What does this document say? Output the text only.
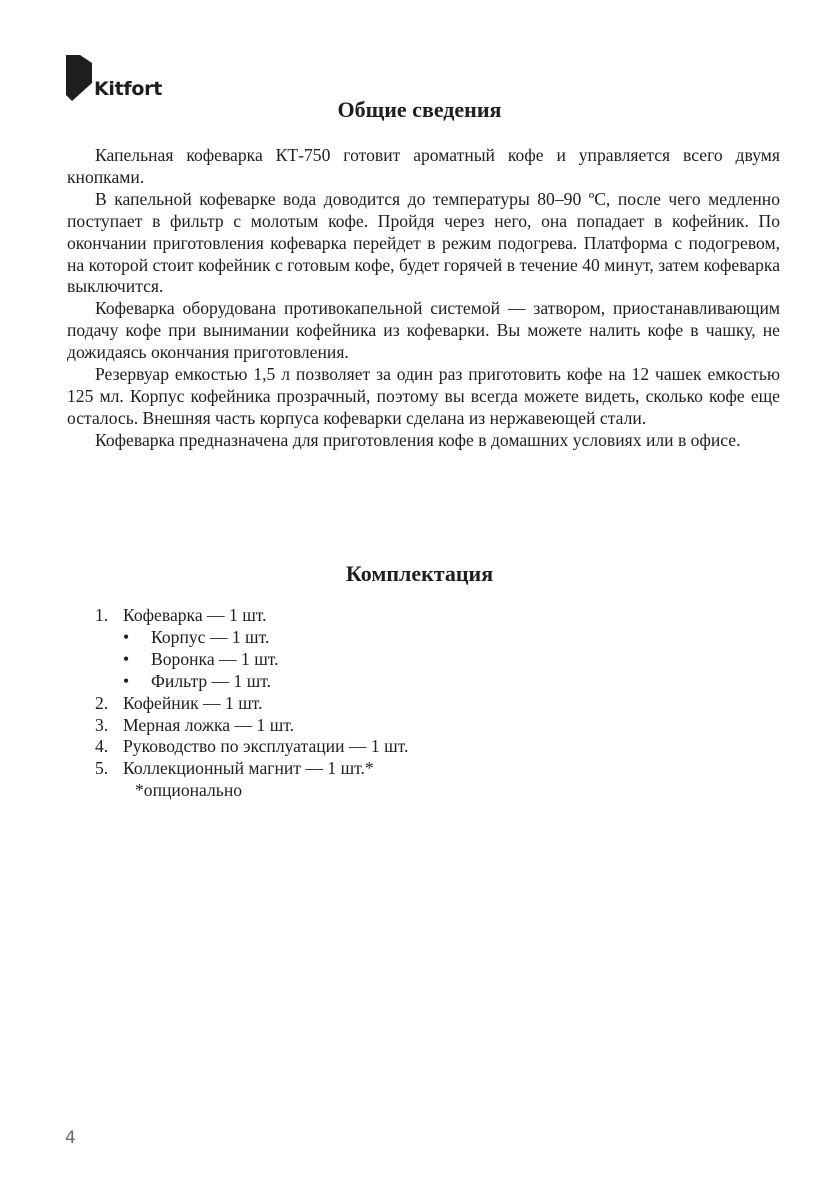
Kitfort
Общие сведения

Капельная кофеварка КТ-750 готовит ароматный кофе и управляется всего двумя кнопками.

В капельной кофеварке вода доводится до температуры 80–90 ºС, после чего медленно поступает в фильтр с молотым кофе. Пройдя через него, она попадает в кофейник. По окончании приготовления кофеварка перейдет в режим подогрева. Платформа с подогревом, на которой стоит кофейник с готовым кофе, будет горячей в течение 40 минут, затем кофеварка выключится.

Кофеварка оборудована противокапельной системой — затвором, приостанавливающим подачу кофе при вынимании кофейника из кофеварки. Вы можете налить кофе в чашку, не дожидаясь окончания приготовления.

Резервуар емкостью 1,5 л позволяет за один раз приготовить кофе на 12 чашек емкостью 125 мл. Корпус кофейника прозрачный, поэтому вы всегда можете видеть, сколько кофе еще осталось. Внешняя часть корпуса кофеварки сделана из нержавеющей стали.

Кофеварка предназначена для приготовления кофе в домашних условиях или в офисе.

Комплектация
1. Кофеварка — 1 шт.
•	Корпус — 1 шт.
•	Воронка — 1 шт.
•	Фильтр — 1 шт.
2. Кофейник — 1 шт.
3. Мерная ложка — 1 шт.
4. Руководство по эксплуатации — 1 шт.
5. Коллекционный магнит — 1 шт.*
*опционально
4
